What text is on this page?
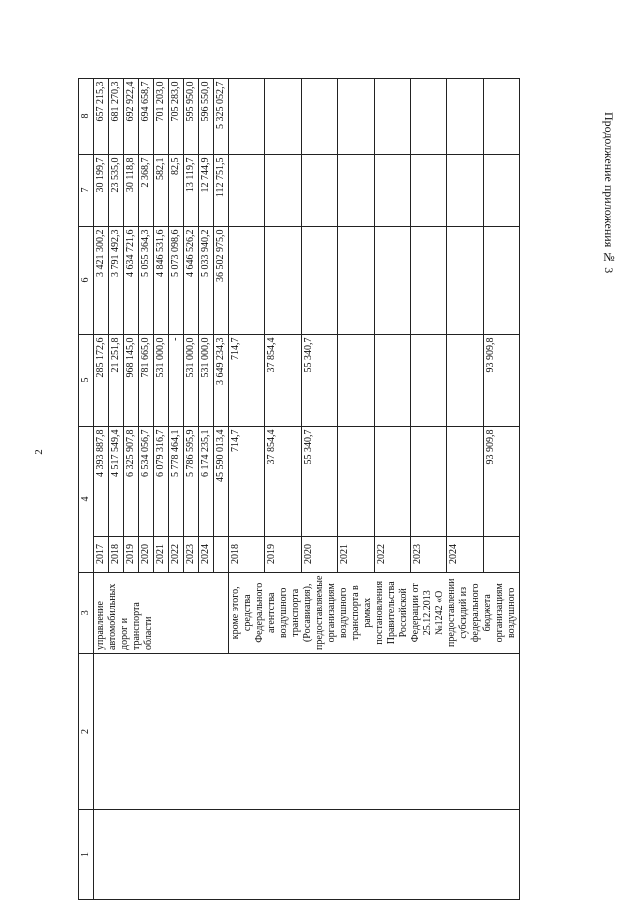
2
Продолжение приложения № 3
1	2	3	4		5	6	7	8
		управление автомобильных дорог и транспорта области	2017	4 393 887,8	285 172,6	3 421 300,2	30 199,7	657 215,3
			2018	4 517 549,4	21 251,8	3 791 492,3	23 535,0	681 270,3
			2019	6 325 907,8	968 145,0	4 634 721,6	30 118,8	692 922,4
			2020	6 534 056,7	781 665,0	5 055 364,3	2 368,7	694 658,7
			2021	6 079 316,7	531 000,0	4 846 531,6	582,1	701 203,0
			2022	5 778 464,1	-	5 073 098,6	82,5	705 283,0
			2023	5 786 595,9	531 000,0	4 646 526,2	13 119,7	595 950,0
			2024	6 174 235,1	531 000,0	5 033 940,2	12 744,9	596 550,0
				45 590 013,4	3 649 234,3	36 502 975,0	112 751,5	5 325 052,7
		кроме этого, средства Федерального агентства воздушного транспорта (Росавиация), предоставляемые организациям воздушного транспорта в рамках постановления Правительства Российской Федерации от 25.12.2013 №1242 «О предоставлении субсидий из федерального бюджета организациям воздушного	2018	714,7	714,7			
			2019	37 854,4	37 854,4			
			2020	55 340,7	55 340,7			
			2021					
			2022					
			2023					
			2024					
				93 909,8	93 909,8			
